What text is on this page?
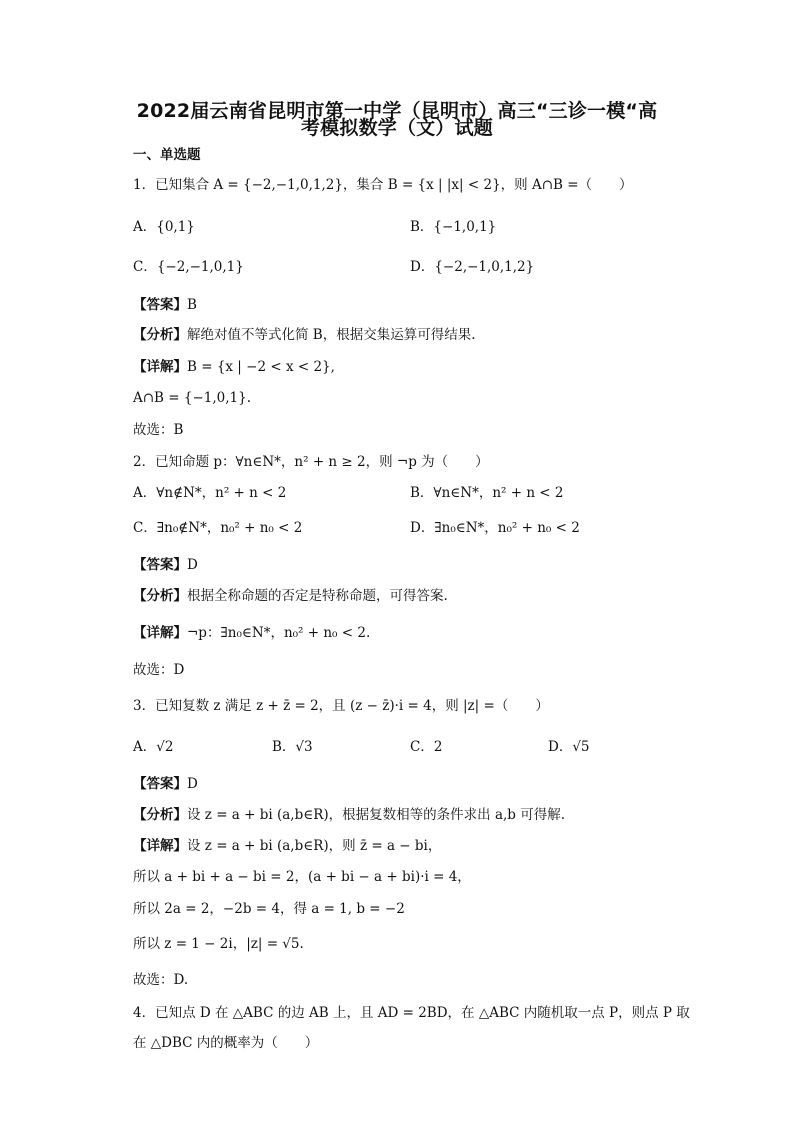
2022届云南省昆明市第一中学（昆明市）高三“三诊一模“高
考模拟数学（文）试题
一、单选题
1．已知集合 A = {−2,−1,0,1,2}，集合 B = {x | |x| < 2}，则 A∩B =（　　）
A．{0,1}	B．{−1,0,1}
C．{−2,−1,0,1}	D．{−2,−1,0,1,2}
【答案】B
【分析】解绝对值不等式化简 B，根据交集运算可得结果.
【详解】B = {x | −2 < x < 2},
A∩B = {−1,0,1}.
故选：B
2．已知命题 p：∀n∈N*，n² + n ≥ 2，则 ¬p 为（　　）
A．∀n∉N*，n² + n < 2	B．∀n∈N*，n² + n < 2
C．∃n₀∉N*，n₀² + n₀ < 2	D．∃n₀∈N*，n₀² + n₀ < 2
【答案】D
【分析】根据全称命题的否定是特称命题，可得答案.
【详解】¬p：∃n₀∈N*，n₀² + n₀ < 2.
故选：D
3．已知复数 z 满足 z + z̄ = 2，且 (z − z̄)·i = 4，则 |z| =（　　）
A．√2	B．√3	C．2	D．√5
【答案】D
【分析】设 z = a + bi (a,b∈R)，根据复数相等的条件求出 a,b 可得解.
【详解】设 z = a + bi (a,b∈R)，则 z̄ = a − bi，
所以 a + bi + a − bi = 2，(a + bi − a + bi)·i = 4，
所以 2a = 2，−2b = 4，得 a = 1, b = −2
所以 z = 1 − 2i，|z| = √5.
故选：D.
4．已知点 D 在 △ABC 的边 AB 上，且 AD = 2BD，在 △ABC 内随机取一点 P，则点 P 取
在 △DBC 内的概率为（　　）
